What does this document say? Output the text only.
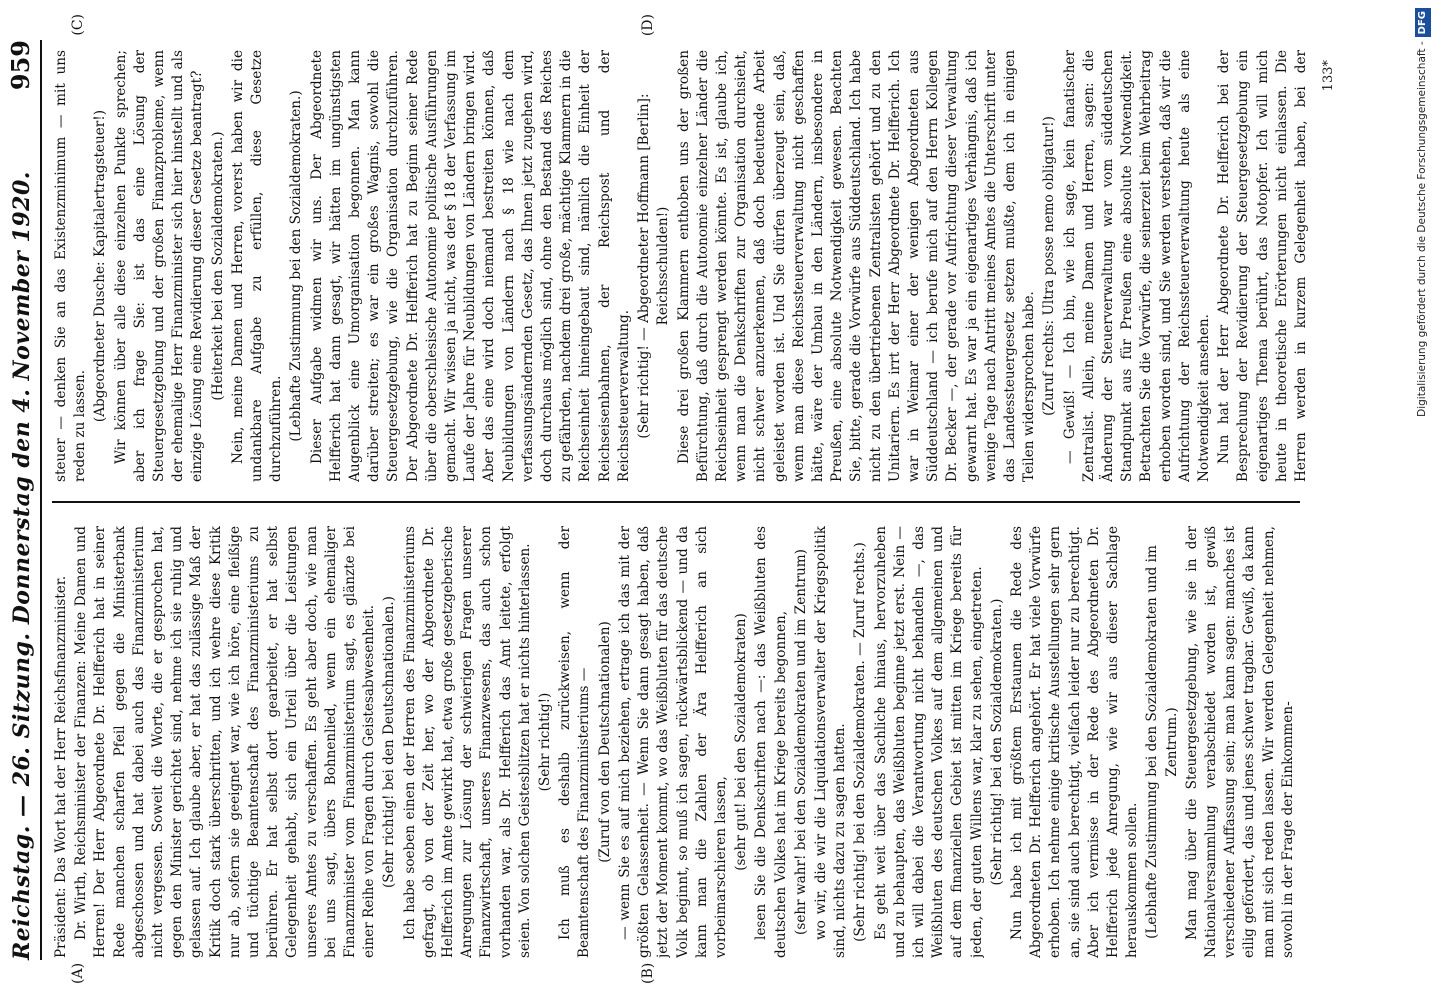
Reichstag. — 26. Sitzung. Donnerstag den 4. November 1920.
959

Präsident: Das Wort hat der Herr Reichsfinanzminister. Dr. Wirth, Reichsminister der Finanzen: Meine Damen und Herren! Der Herr Abgeordnete Dr. Helfferich hat in seiner Rede manchen scharfen Pfeil gegen die Ministerbank abgeschossen und hat dabei auch das Finanzministerium nicht vergessen. Soweit die Worte, die er gesprochen hat, gegen den Minister gerichtet sind, nehme ich sie ruhig und gelassen auf. Ich glaube aber, er hat das zulässige Maß der Kritik doch stark überschritten, und ich wehre diese Kritik nur ab, sofern sie geeignet war, wie ich höre, eine fleißige und tüchtige Beamtenschaft des Finanzministeriums zu berühren. Er hat selbst dort gearbeitet, er hat selbst Gelegenheit gehabt, sich ein Urteil über die Leistungen unseres Amtes zu verschaffen. Es geht aber doch, wie man bei uns sagt, übers Bohnenlied, wenn ein ehemaliger Finanzminister vom Finanzministerium sagt, es glänzte bei einer Reihe von Fragen durch Geistesabwesenheit. (Sehr richtig! bei den Deutschnationalen.) Ich habe soeben einen der Herren des Finanzministeriums gefragt, ob von der Zeit her, wo der Abgeordnete Dr. Helfferich im Amte gewirkt hat, etwa große gesetzgeberische Anregungen zur Lösung der schwierigen Fragen unserer Finanzwirtschaft, unseres Finanzwesens, das auch schon vorhanden war, als Dr. Helfferich das Amt leitete, erfolgt seien. Von solchen Geistesblitzen hat er nichts hinterlassen. (Sehr richtig!) Ich muß es deshalb zurückweisen, wenn der Beamtenschaft des Finanzministeriums — (Zuruf von den Deutschnationalen) — wenn Sie es auf mich beziehen, ertrage ich das mit der größten Gelassenheit. — Wenn Sie dann gesagt haben, daß jetzt der Moment kommt, wo das Weißbluten für das deutsche Volk beginnt, so muß ich sagen, rückwärtsblickend — und da kann man die Zahlen der Ära Helfferich an sich vorbeimarschieren lassen, (sehr gut! bei den Sozialdemokraten) lesen Sie die Denkschriften nach —: das Weißbluten des deutschen Volkes hat im Kriege bereits begonnen, (sehr wahr! bei den Sozialdemokraten und im Zentrum) wo wir, die wir die Liquidationsverwalter der Kriegspolitik sind, nichts dazu zu sagen hatten. (Sehr richtig! bei den Sozialdemokraten. — Zuruf rechts.) Es geht weit über das Sachliche hinaus, hervorzuheben und zu behaupten, das Weißbluten beginne jetzt erst. Nein — ich will dabei die Verantwortung nicht behandeln —, das Weißbluten des deutschen Volkes auf dem allgemeinen und auf dem finanziellen Gebiet ist mitten im Kriege bereits für jeden, der guten Willens war, klar zu sehen, eingetreten. (Sehr richtig! bei den Sozialdemokraten.) Nun habe ich mit größtem Erstaunen die Rede des Abgeordneten Dr. Helfferich angehört. Er hat viele Vorwürfe erhoben. Ich nehme einige kritische Ausstellungen sehr gern an, sie sind auch berechtigt, vielfach leider nur zu berechtigt. Aber ich vermisse in der Rede des Abgeordneten Dr. Helfferich jede Anregung, wie wir aus dieser Sachlage herauskommen sollen. (Lebhafte Zustimmung bei den Sozialdemokraten und im Zentrum.) Man mag über die Steuergesetzgebung, wie sie in der Nationalversammlung verabschiedet worden ist, gewiß verschiedener Auffassung sein; man kann sagen: manches ist eilig gefördert, das und jenes schwer tragbar. Gewiß, da kann man mit sich reden lassen. Wir werden Gelegenheit nehmen, sowohl in der Frage der Einkommen-

steuer — denken Sie an das Existenzminimum — mit uns reden zu lassen.

(Abgeordneter Dusche: Kapitalertragsteuer!) Wir können über alle diese einzelnen Punkte sprechen; aber ich frage Sie: ist das eine Lösung der Steuergesetzgebung und der großen Finanzprobleme, wenn der ehemalige Herr Finanzminister sich hier hinstellt und als einzige Lösung eine Revidierung dieser Gesetze beantragt? (Heiterkeit bei den Sozialdemokraten.) Nein, meine Damen und Herren, vorerst haben wir die undankbare Aufgabe zu erfüllen, diese Gesetze durchzuführen. (Lebhafte Zustimmung bei den Sozialdemokraten.) Dieser Aufgabe widmen wir uns. Der Abgeordnete Helfferich hat dann gesagt, wir hätten im ungünstigsten Augenblick eine Umorganisation begonnen. Man kann darüber streiten; es war ein großes Wagnis, sowohl die Steuergesetzgebung, wie die Organisation durchzuführen. Der Abgeordnete Dr. Helfferich hat zu Beginn seiner Rede über die oberschlesische Autonomie politische Ausführungen gemacht. Wir wissen ja nicht, was der § 18 der Verfassung im Laufe der Jahre für Neubildungen von Ländern bringen wird. Aber das eine wird doch niemand bestreiten können, daß Neubildungen von Ländern nach § 18 wie nach dem verfassungsändernden Gesetz, das Ihnen jetzt zugehen wird, doch durchaus möglich sind, ohne den Bestand des Reiches zu gefährden, nachdem drei große, mächtige Klammern in die Reichseinheit hineingebaut sind, nämlich die Einheit der Reichseisenbahnen, der Reichspost und der Reichssteuerverwaltung. (Sehr richtig! — Abgeordneter Hoffmann [Berlin]: Reichsschulden!) Diese drei großen Klammern enthoben uns der großen Befürchtung, daß durch die Autonomie einzelner Länder die Reichseinheit gesprengt werden könnte. Es ist, glaube ich, wenn man die Denkschriften zur Organisation durchsieht, nicht schwer anzuerkennen, daß doch bedeutende Arbeit geleistet worden ist. Und Sie dürfen überzeugt sein, daß, wenn man diese Reichssteuerverwaltung nicht geschaffen hätte, wäre der Umbau in den Ländern, insbesondere in Preußen, eine absolute Notwendigkeit gewesen. Beachten Sie, bitte, gerade die Vorwürfe aus Süddeutschland. Ich habe nicht zu den übertriebenen Zentralisten gehört und zu den Unitariern. Es irrt der Herr Abgeordnete Dr. Helfferich. Ich war in Weimar einer der wenigen Abgeordneten aus Süddeutschland — ich berufe mich auf den Herrn Kollegen Dr. Becker —, der gerade vor Aufrichtung dieser Verwaltung gewarnt hat. Es war ja ein eigenartiges Verhängnis, daß ich wenige Tage nach Antritt meines Amtes die Unterschrift unter das Landessteuergesetz setzen mußte, dem ich in einigen Teilen widersprochen habe. (Zuruf rechts: Ultra posse nemo obligatur!) — Gewiß! — Ich bin, wie ich sage, kein fanatischer Zentralist. Allein, meine Damen und Herren, sagen: die Änderung der Steuerverwaltung war vom süddeutschen Standpunkt aus für Preußen eine absolute Notwendigkeit. Betrachten Sie die Vorwürfe, die seinerzeit beim Wehrbeitrag erhoben worden sind, und Sie werden verstehen, daß wir die Aufrichtung der Reichssteuerverwaltung heute als eine Notwendigkeit ansehen. Nun hat der Herr Abgeordnete Dr. Helfferich bei der Besprechung der Revidierung der Steuergesetzgebung ein eigenartiges Thema berührt, das Notopfer. Ich will mich heute in theoretische Erörterungen nicht einlassen. Die Herren werden in kurzem Gelegenheit haben, bei der

(A)	(B)
(C)	(D)
133*	Digitalisierung gefördert durch die Deutsche Forschungsgemeinschaft -DFG
